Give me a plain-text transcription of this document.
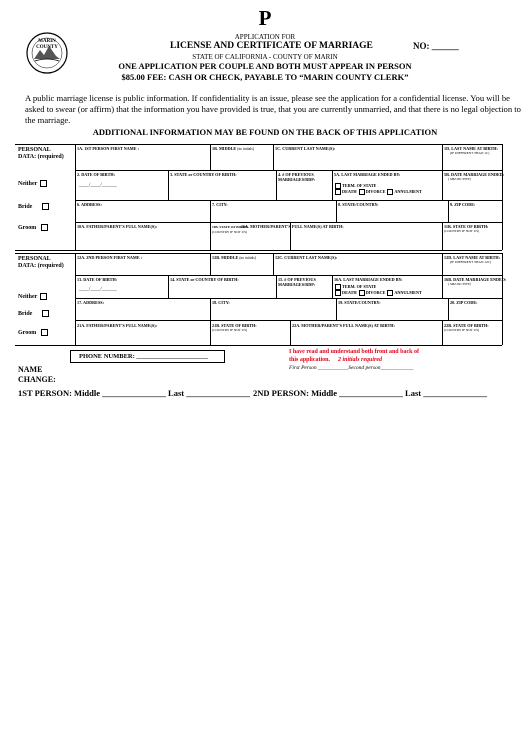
P
MARIN COUNTY
APPLICATION FOR
LICENSE AND CERTIFICATE OF MARRIAGE	NO: ______
STATE OF CALIFORNIA - COUNTY OF MARIN
ONE APPLICATION PER COUPLE AND BOTH MUST APPEAR IN PERSON
$85.00 FEE: CASH OR CHECK, PAYABLE TO “MARIN COUNTY CLERK”
A public marriage license is public information. If confidentiality is an issue, please see the application for a confidential license. You will be asked to swear (or affirm) that the information you have provided is true, that you are currently unmarried, and that there is no legal objection to the marriage.
ADDITIONAL INFORMATION MAY BE FOUND ON THE BACK OF THIS APPLICATION
PERSONAL
DATA: (required)
Neither
Bride
Groom
1A. 1ST PERSON FIRST NAME :	1B. MIDDLE (no initials)	1C. CURRENT LAST NAME(S):	1D. LAST NAME AT BIRTH:
(IF DIFFERENT THAN 1C)
2. DATE OF BIRTH:
____/____/______
3. STATE or COUNTRY OF BIRTH:	4. # OF PREVIOUS
MARRIAGES/RDP:
5A. LAST MARRIAGE ENDED BY:
TERM. OF STATE
DEATH DIVORCE ANNULMENT
5B. DATE MARRIAGE ENDED:
( MM DD YYYY)
6. ADDRESS:	7. CITY:	8. STATE/COUNTRY:	9. ZIP CODE:
10A. FATHER/PARENT'S FULL NAME(S):	10B. STATE OF BIRTH:
(COUNTRY IF NOT US)
11A. MOTHER/PARENT'S FULL NAME(S) AT BIRTH:	11B. STATE OF BIRTH:
(COUNTRY IF NOT US)
PERSONAL
DATA: (required)
Neither
Bride
Groom
12A. 2ND PERSON FIRST NAME :	12B. MIDDLE (no initials)	12C. CURRENT LAST NAME(S):	12D. LAST NAME AT BIRTH:
(IF DIFFERENT THAN 12C)
13. DATE OF BIRTH:
____/____/______
14. STATE or COUNTRY OF BIRTH:	15. # OF PREVIOUS
MARRIAGES/RDP:
16A. LAST MARRIAGE ENDED BY:
TERM. OF STATE
DEATH DIVORCE ANNULMENT
16B. DATE MARRIAGE ENDED:
( MM DD YYYY)
17. ADDRESS:	18. CITY:	19. STATE/COUNTRY:	20. ZIP CODE:
21A. FATHER/PARENT'S FULL NAME(S):	21B. STATE OF BIRTH:
(COUNTRY IF NOT US)
22A. MOTHER/PARENT'S FULL NAME(S) AT BIRTH:	22B. STATE OF BIRTH:
(COUNTRY IF NOT US)
PHONE NUMBER: ______________________
I have read and understand both front and back of
this application. 2 initials required
First Person ___________Second person____________
NAME
CHANGE:
1ST PERSON: Middle _______________ Last _______________ 2ND PERSON: Middle _______________ Last _______________
